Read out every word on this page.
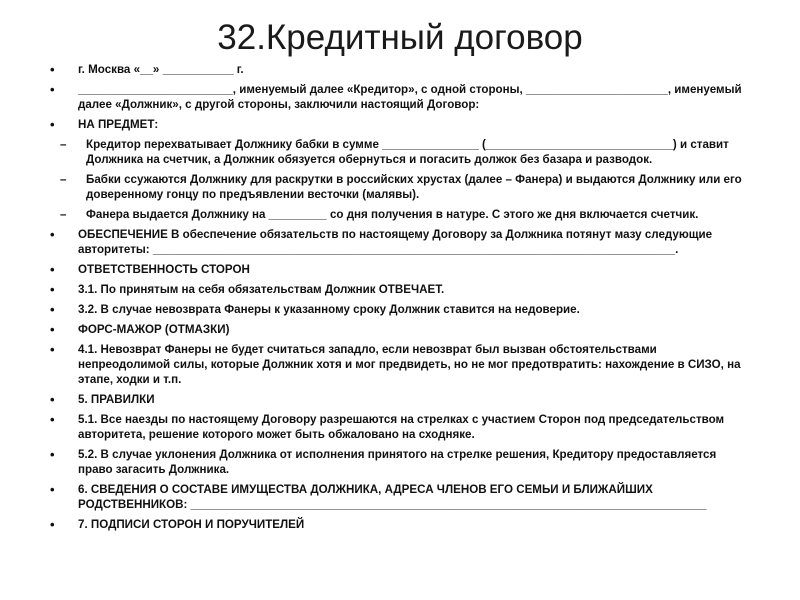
32.Кредитный договор
• г. Москва «__» ___________ г.
• ________________________, именуемый далее «Кредитор», с одной стороны, ______________________, именуемый далее «Должник», с другой стороны, заключили настоящий Договор:
• НА ПРЕДМЕТ:
– Кредитор перехватывает Должнику бабки в сумме _______________ (_____________________________) и ставит Должника на счетчик, а Должник обязуется обернуться и погасить должок без базара и разводок.
– Бабки ссужаются Должнику для раскрутки в российских хрустах (далее – Фанера) и выдаются Должнику или его доверенному гонцу по предъявлении весточки (малявы).
– Фанера выдается Должнику на _________ со дня получения в натуре. С этого же дня включается счетчик.
• ОБЕСПЕЧЕНИЕ В обеспечение обязательств по настоящему Договору за Должника потянут мазу следующие авторитеты: _________________________________________________________________________________.
• ОТВЕТСТВЕННОСТЬ СТОРОН
• 3.1. По принятым на себя обязательствам Должник ОТВЕЧАЕТ.
• 3.2. В случае невозврата Фанеры к указанному сроку Должник ставится на недоверие.
• ФОРС-МАЖОР (ОТМАЗКИ)
• 4.1. Невозврат Фанеры не будет считаться западло, если невозврат был вызван обстоятельствами непреодолимой силы, которые Должник хотя и мог предвидеть, но не мог предотвратить: нахождение в СИЗО, на этапе, ходки и т.п.
• 5. ПРАВИЛКИ
• 5.1. Все наезды по настоящему Договору разрешаются на стрелках с участием Сторон под председательством авторитета, решение которого может быть обжаловано на сходняке.
• 5.2. В случае уклонения Должника от исполнения принятого на стрелке решения, Кредитору предоставляется право загасить Должника.
• 6. СВЕДЕНИЯ О СОСТАВЕ ИМУЩЕСТВА ДОЛЖНИКА, АДРЕСА ЧЛЕНОВ ЕГО СЕМЬИ И БЛИЖАЙШИХ РОДСТВЕННИКОВ: ________________________________________________________________________________
• 7. ПОДПИСИ СТОРОН И ПОРУЧИТЕЛЕЙ
